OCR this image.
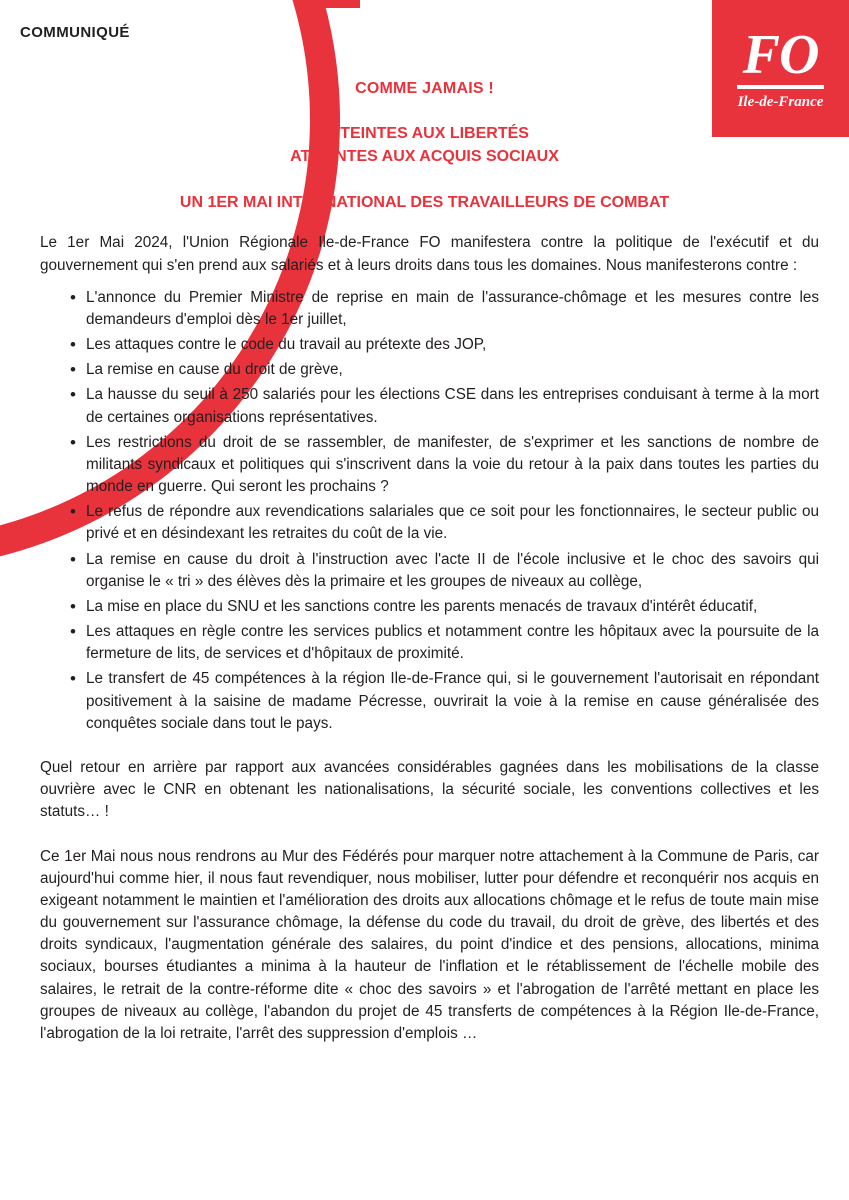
COMMUNIQUÉ	FO
Ile-de-France
COMME JAMAIS !
ATTEINTES AUX LIBERTÉS
ATTEINTES AUX ACQUIS SOCIAUX
UN 1ER MAI INTERNATIONAL DES TRAVAILLEURS DE COMBAT

Le 1er Mai 2024, l'Union Régionale Ile-de-France FO manifestera contre la politique de l'exécutif et du gouvernement qui s'en prend aux salariés et à leurs droits dans tous les domaines. Nous manifesterons contre :

• L'annonce du Premier Ministre de reprise en main de l'assurance-chômage et les mesures contre les demandeurs d'emploi dès le 1er juillet,
• Les attaques contre le code du travail au prétexte des JOP,
• La remise en cause du droit de grève,
• La hausse du seuil à 250 salariés pour les élections CSE dans les entreprises conduisant à terme à la mort de certaines organisations représentatives.
• Les restrictions du droit de se rassembler, de manifester, de s'exprimer et les sanctions de nombre de militants syndicaux et politiques qui s'inscrivent dans la voie du retour à la paix dans toutes les parties du monde en guerre. Qui seront les prochains ?
• Le refus de répondre aux revendications salariales que ce soit pour les fonctionnaires, le secteur public ou privé et en désindexant les retraites du coût de la vie.
• La remise en cause du droit à l'instruction avec l'acte II de l'école inclusive et le choc des savoirs qui organise le « tri » des élèves dès la primaire et les groupes de niveaux au collège,
• La mise en place du SNU et les sanctions contre les parents menacés de travaux d'intérêt éducatif,
• Les attaques en règle contre les services publics et notamment contre les hôpitaux avec la poursuite de la fermeture de lits, de services et d'hôpitaux de proximité.
• Le transfert de 45 compétences à la région Ile-de-France qui, si le gouvernement l'autorisait en répondant positivement à la saisine de madame Pécresse, ouvrirait la voie à la remise en cause généralisée des conquêtes sociale dans tout le pays.

Quel retour en arrière par rapport aux avancées considérables gagnées dans les mobilisations de la classe ouvrière avec le CNR en obtenant les nationalisations, la sécurité sociale, les conventions collectives et les statuts… !

Ce 1er Mai nous nous rendrons au Mur des Fédérés pour marquer notre attachement à la Commune de Paris, car aujourd'hui comme hier, il nous faut revendiquer, nous mobiliser, lutter pour défendre et reconquérir nos acquis en exigeant notamment le maintien et l'amélioration des droits aux allocations chômage et le refus de toute main mise du gouvernement sur l'assurance chômage, la défense du code du travail, du droit de grève, des libertés et des droits syndicaux, l'augmentation générale des salaires, du point d'indice et des pensions, allocations, minima sociaux, bourses étudiantes a minima à la hauteur de l'inflation et le rétablissement de l'échelle mobile des salaires, le retrait de la contre-réforme dite « choc des savoirs » et l'abrogation de l'arrêté mettant en place les groupes de niveaux au collège, l'abandon du projet de 45 transferts de compétences à la Région Ile-de-France, l'abrogation de la loi retraite, l'arrêt des suppression d'emplois …
